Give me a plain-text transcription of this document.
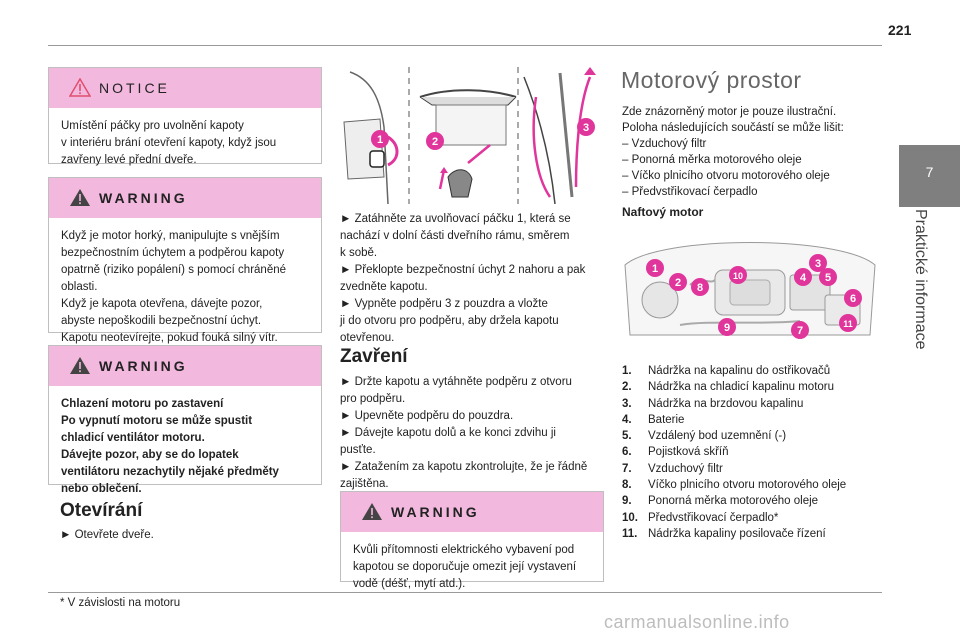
221
7
Praktické informace
NOTICE

Umístění páčky pro uvolnění kapoty

v interiéru brání otevření kapoty, když jsou

zavřeny levé přední dveře.

WARNING

Když je motor horký, manipulujte s vnějším

bezpečnostním úchytem a podpěrou kapoty

opatrně (riziko popálení) s pomocí chráněné

oblasti.

Když je kapota otevřena, dávejte pozor,

abyste nepoškodili bezpečnostní úchyt.

Kapotu neotevírejte, pokud fouká silný vítr.

WARNING

Chlazení motoru po zastavení

Po vypnutí motoru se může spustit

chladicí ventilátor motoru.

Dávejte pozor, aby se do lopatek

ventilátoru nezachytily nějaké předměty

nebo oblečení.

Otevírání
► Otevřete dveře.
* V závislosti na motoru
1	2
3

► Zatáhněte za uvolňovací páčku 1, která se

nachází v dolní části dveřního rámu, směrem

k sobě.

► Překlopte bezpečnostní úchyt 2 nahoru a pak

zvedněte kapotu.

► Vypněte podpěru 3 z pouzdra a vložte

ji do otvoru pro podpěru, aby držela kapotu

otevřenou.

Zavření

► Držte kapotu a vytáhněte podpěru z otvoru

pro podpěru.

► Upevněte podpěru do pouzdra.

► Dávejte kapotu dolů a ke konci zdvihu ji

pusťte.

► Zatažením za kapotu zkontrolujte, že je řádně

zajištěna.

WARNING

Kvůli přítomnosti elektrického vybavení pod

kapotou se doporučuje omezit její vystavení

vodě (déšť, mytí atd.).

Motorový prostor

Zde znázorněný motor je pouze ilustrační.

Poloha následujících součástí se může lišit:

– Vzduchový filtr

– Ponorná měrka motorového oleje

– Víčko plnicího otvoru motorového oleje

– Předvstřikovací čerpadlo

Naftový motor
1
2
3
4 5
6
7
8
9
10
11
1.	Nádržka na kapalinu do ostřikovačů
2.	Nádržka na chladicí kapalinu motoru
3.	Nádržka na brzdovou kapalinu
4.	Baterie
5.	Vzdálený bod uzemnění (-)
6.	Pojistková skříň
7.	Vzduchový filtr
8.	Víčko plnicího otvoru motorového oleje
9.	Ponorná měrka motorového oleje
10. Předvstřikovací čerpadlo*
11. Nádržka kapaliny posilovače řízení
carmanualsonline.info
